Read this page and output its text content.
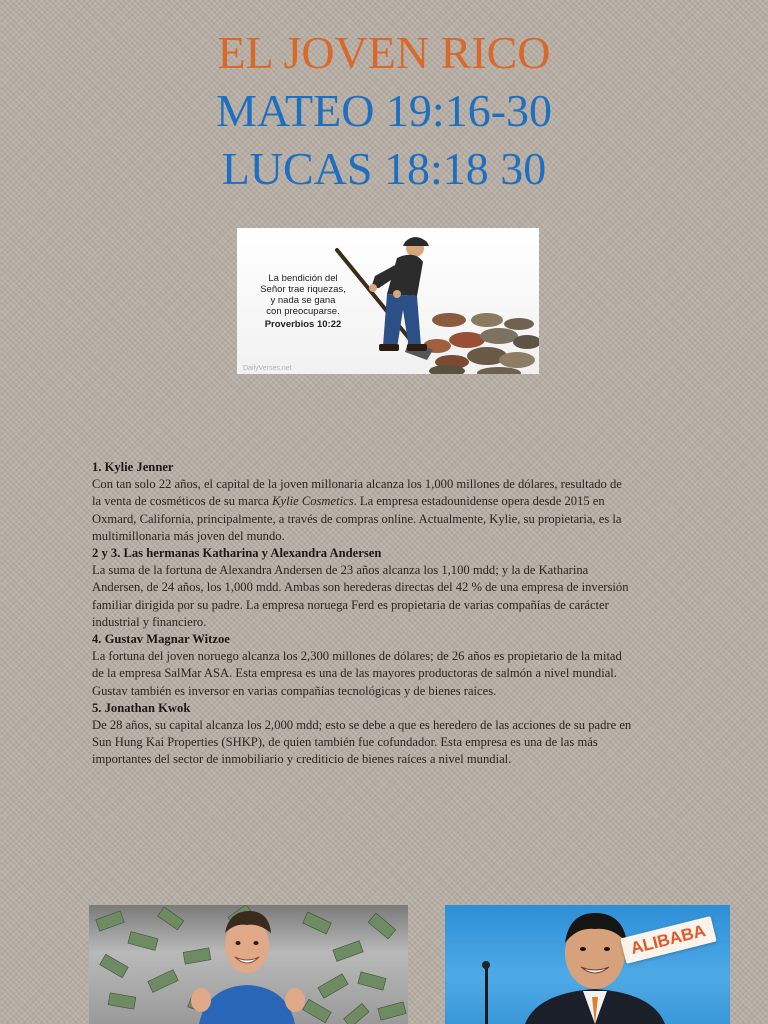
EL JOVEN RICO
MATEO 19:16-30
LUCAS 18:18 30
La bendición del
Señor trae riquezas,
y nada se gana
con preocuparse.
Proverbios 10:22
DailyVerses.net
1. Kylie Jenner

Con tan solo 22 años, el capital de la joven millonaria alcanza los 1,000 millones de dólares, resultado de la venta de cosméticos de su marca Kylie Cosmetics. La empresa estadounidense opera desde 2015 en Oxmard, California, principalmente, a través de compras online. Actualmente, Kylie, su propietaria, es la multimillonaria más joven del mundo.

2 y 3. Las hermanas Katharina y Alexandra Andersen

La suma de la fortuna de Alexandra Andersen de 23 años alcanza los 1,100 mdd; y la de Katharina Andersen, de 24 años, los 1,000 mdd. Ambas son herederas directas del 42 % de una empresa de inversión familiar dirigida por su padre. La empresa noruega Ferd es propietaria de varias compañías de carácter industrial y financiero.

4. Gustav Magnar Witzoe

La fortuna del joven noruego alcanza los 2,300 millones de dólares; de 26 años es propietario de la mitad de la empresa SalMar ASA. Esta empresa es una de las mayores productoras de salmón a nivel mundial. Gustav también es inversor en varias compañías tecnológicas y de bienes raíces.

5. Jonathan Kwok

De 28 años, su capital alcanza los 2,000 mdd; esto se debe a que es heredero de las acciones de su padre en Sun Hung Kai Properties (SHKP), de quien también fue cofundador. Esta empresa es una de las más importantes del sector de inmobiliario y crediticio de bienes raíces a nivel mundial.

ALIBABA
